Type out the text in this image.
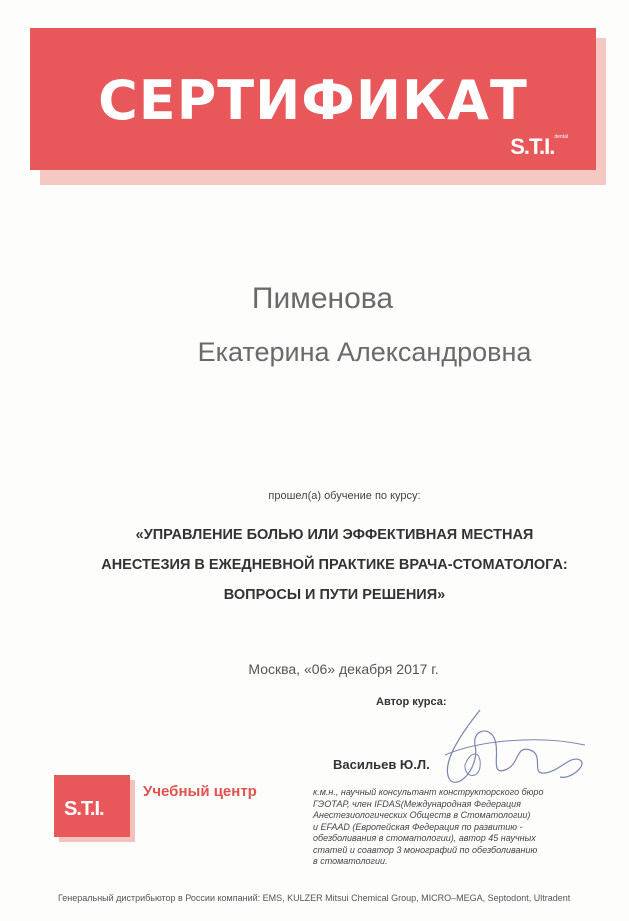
СЕРТИФИКАТ
S.T.I.$^{dental}$
Пименова
Екатерина Александровна
прошел(а) обучение по курсу:
«УПРАВЛЕНИЕ БОЛЬЮ ИЛИ ЭФФЕКТИВНАЯ МЕСТНАЯ
АНЕСТЕЗИЯ В ЕЖЕДНЕВНОЙ ПРАКТИКЕ ВРАЧА-СТОМАТОЛОГА:
ВОПРОСЫ И ПУТИ РЕШЕНИЯ»
Москва, «06» декабря 2017 г.
Автор курса:
Васильев Ю.Л.
к.м.н., научный консультант конструкторского бюро
ГЭОТАР, член IFDAS(Международная Федерация
Анестезиологических Обществ в Стоматологии)
и EFAAD (Европейская Федерация по развитию -
обезболивания в стоматологии), автор 45 научных
статей и соавтор 3 монографий по обезболиванию
в стоматологии.
S.T.I.
Учебный центр
Генеральный дистрибьютор в России компаний: EMS, KULZER Mitsui Chemical Group, MICRO–MEGA, Septodont, Ultradent
